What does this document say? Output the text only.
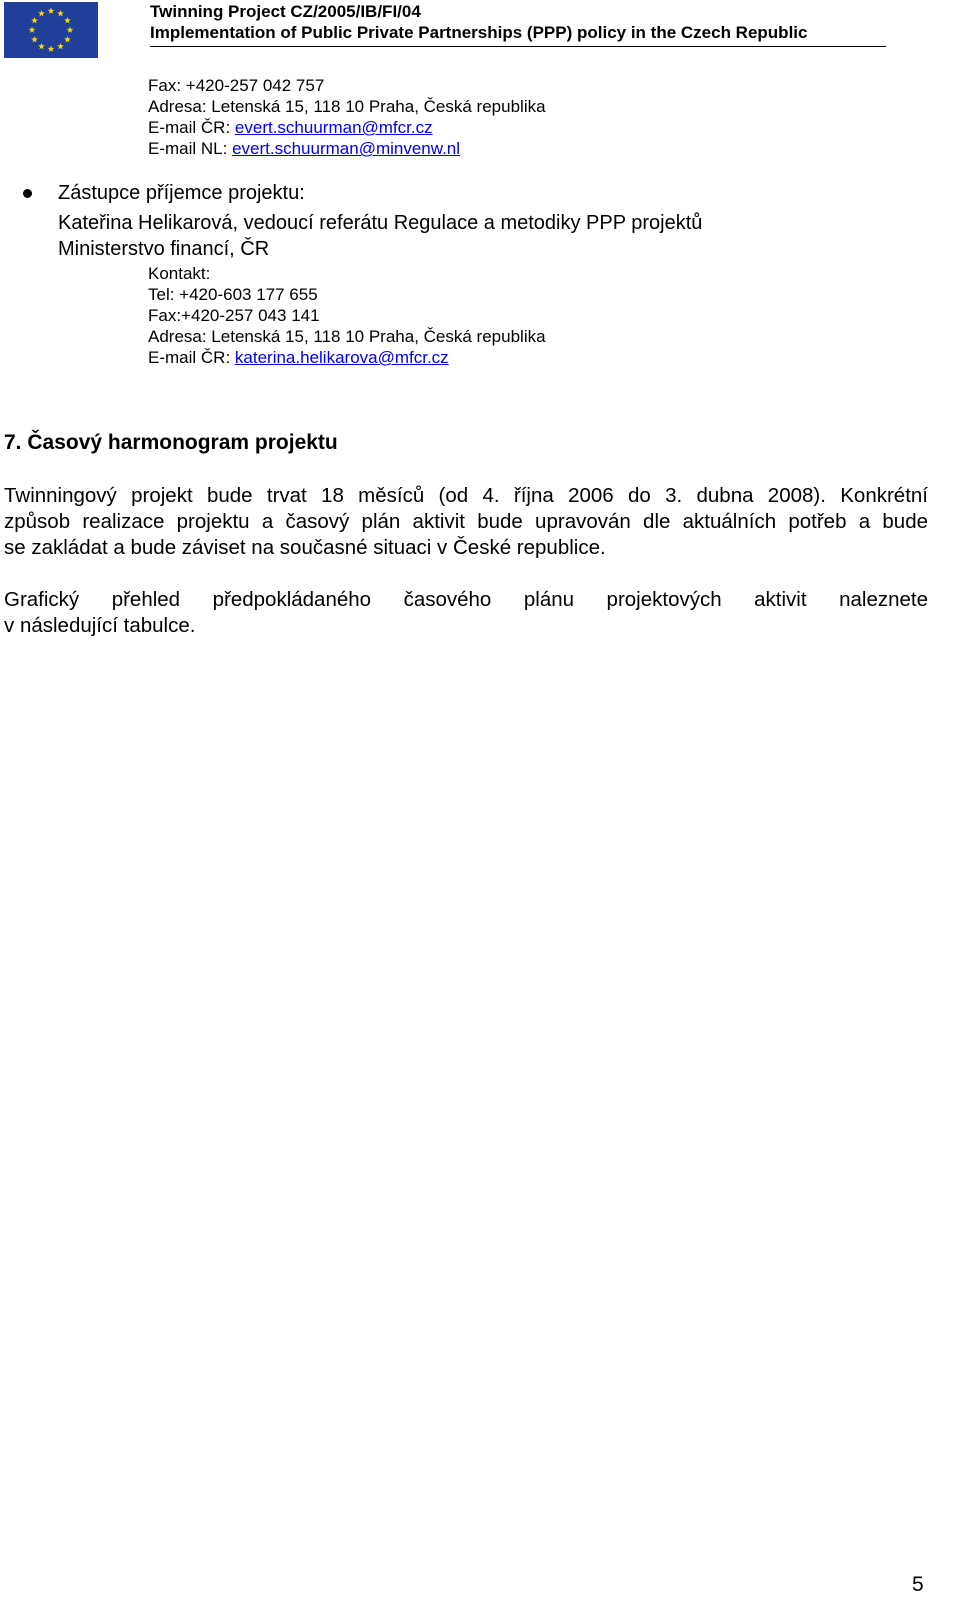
Twinning Project CZ/2005/IB/FI/04
Implementation of Public Private Partnerships (PPP) policy in the Czech Republic
Fax: +420-257 042 757
Adresa: Letenská 15, 118 10 Praha, Česká republika
E-mail ČR: evert.schuurman@mfcr.cz
E-mail NL: evert.schuurman@minvenw.nl
Zástupce příjemce projektu:
Kateřina Helikarová, vedoucí referátu Regulace a metodiky PPP projektů
Ministerstvo financí, ČR
Kontakt:
Tel: +420-603 177 655
Fax:+420-257 043 141
Adresa: Letenská 15, 118 10 Praha, Česká republika
E-mail ČR: katerina.helikarova@mfcr.cz
7. Časový harmonogram projektu
Twinningový projekt bude trvat 18 měsíců (od 4. října 2006 do 3. dubna 2008). Konkrétní
způsob realizace projektu a časový plán aktivit bude upravován dle aktuálních potřeb a bude
se zakládat a bude záviset na současné situaci v České republice.
Grafický přehled předpokládaného časového plánu projektových aktivit naleznete
v následující tabulce.
5
